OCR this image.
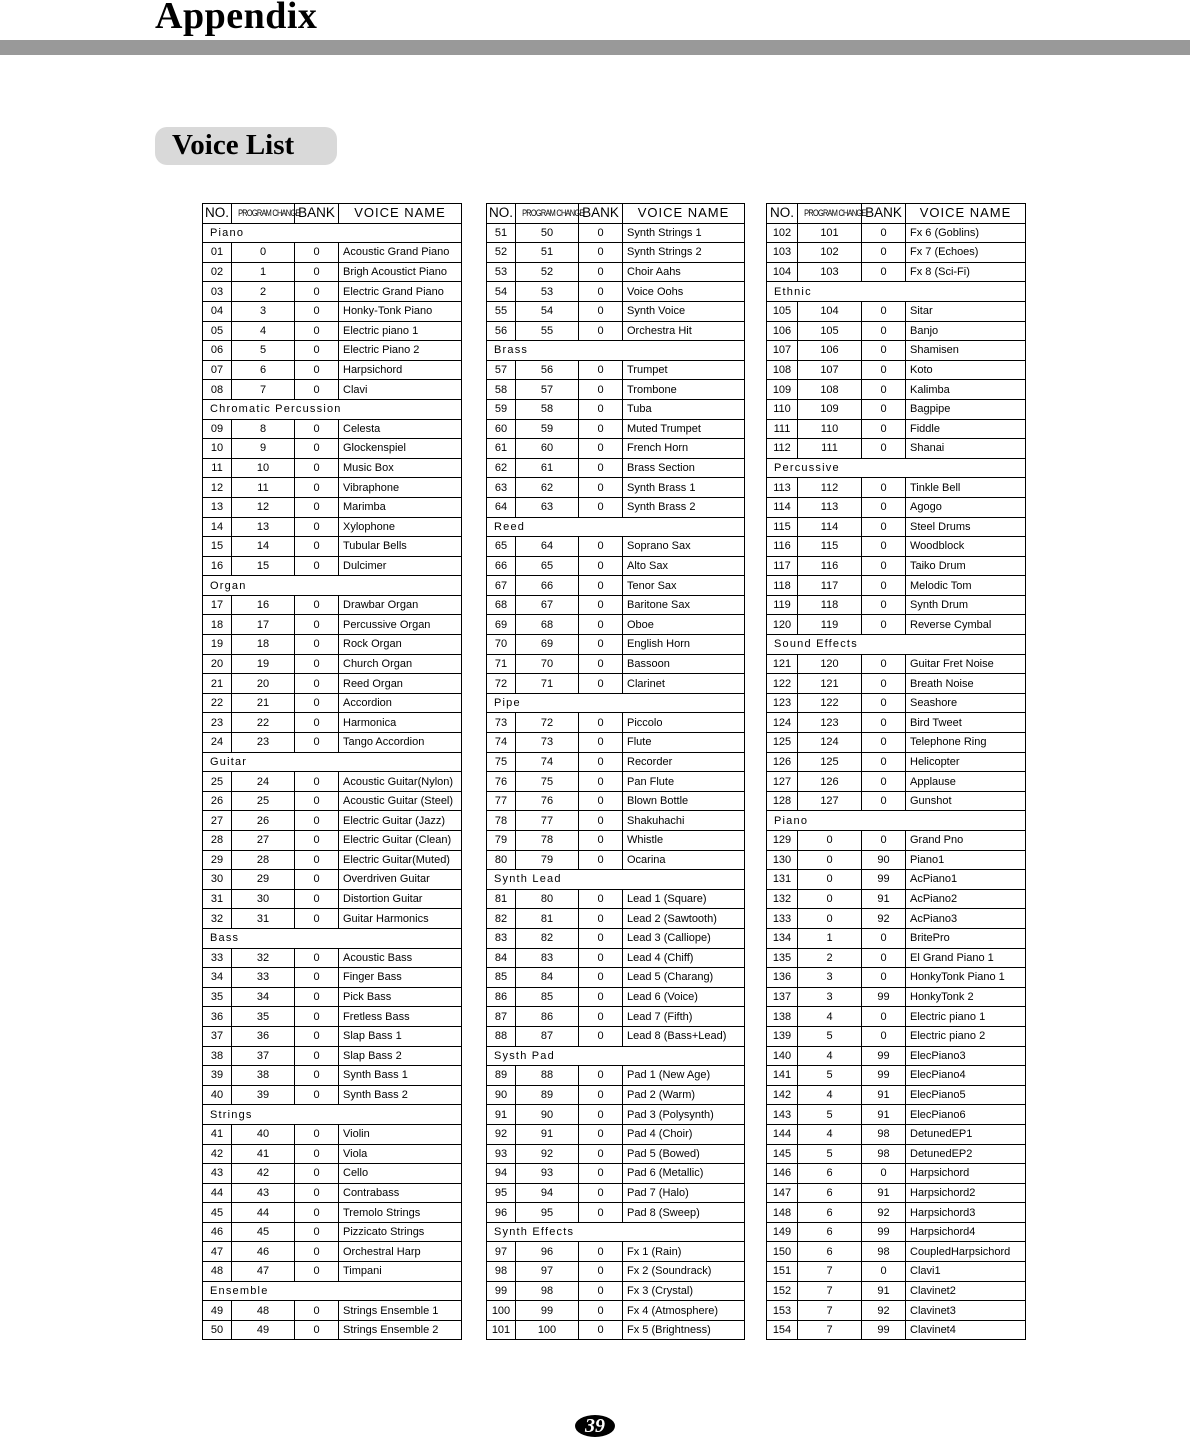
Appendix
Voice List
NO.	PROGRAM CHANGE	BANK	VOICE NAME
Piano			
01	0	0	Acoustic Grand Piano
02	1	0	Brigh Acoustict Piano
03	2	0	Electric Grand Piano
04	3	0	Honky-Tonk Piano
05	4	0	Electric piano 1
06	5	0	Electric Piano 2
07	6	0	Harpsichord
08	7	0	Clavi
Chromatic Percussion			
09	8	0	Celesta
10	9	0	Glockenspiel
11	10	0	Music Box
12	11	0	Vibraphone
13	12	0	Marimba
14	13	0	Xylophone
15	14	0	Tubular Bells
16	15	0	Dulcimer
Organ			
17	16	0	Drawbar Organ
18	17	0	Percussive Organ
19	18	0	Rock Organ
20	19	0	Church Organ
21	20	0	Reed Organ
22	21	0	Accordion
23	22	0	Harmonica
24	23	0	Tango Accordion
Guitar			
25	24	0	Acoustic Guitar(Nylon)
26	25	0	Acoustic Guitar (Steel)
27	26	0	Electric Guitar (Jazz)
28	27	0	Electric Guitar (Clean)
29	28	0	Electric Guitar(Muted)
30	29	0	Overdriven Guitar
31	30	0	Distortion Guitar
32	31	0	Guitar Harmonics
Bass			
33	32	0	Acoustic Bass
34	33	0	Finger Bass
35	34	0	Pick Bass
36	35	0	Fretless Bass
37	36	0	Slap Bass 1
38	37	0	Slap Bass 2
39	38	0	Synth Bass 1
40	39	0	Synth Bass 2
Strings			
41	40	0	Violin
42	41	0	Viola
43	42	0	Cello
44	43	0	Contrabass
45	44	0	Tremolo Strings
46	45	0	Pizzicato Strings
47	46	0	Orchestral Harp
48	47	0	Timpani
Ensemble			
49	48	0	Strings Ensemble 1
50	49	0	Strings Ensemble 2
NO.	PROGRAM CHANGE	BANK	VOICE NAME
51	50	0	Synth Strings 1
52	51	0	Synth Strings 2
53	52	0	Choir Aahs
54	53	0	Voice Oohs
55	54	0	Synth Voice
56	55	0	Orchestra Hit
Brass			
57	56	0	Trumpet
58	57	0	Trombone
59	58	0	Tuba
60	59	0	Muted Trumpet
61	60	0	French Horn
62	61	0	Brass Section
63	62	0	Synth Brass 1
64	63	0	Synth Brass 2
Reed			
65	64	0	Soprano Sax
66	65	0	Alto Sax
67	66	0	Tenor Sax
68	67	0	Baritone Sax
69	68	0	Oboe
70	69	0	English Horn
71	70	0	Bassoon
72	71	0	Clarinet
Pipe			
73	72	0	Piccolo
74	73	0	Flute
75	74	0	Recorder
76	75	0	Pan Flute
77	76	0	Blown Bottle
78	77	0	Shakuhachi
79	78	0	Whistle
80	79	0	Ocarina
Synth Lead			
81	80	0	Lead 1 (Square)
82	81	0	Lead 2 (Sawtooth)
83	82	0	Lead 3 (Calliope)
84	83	0	Lead 4 (Chiff)
85	84	0	Lead 5 (Charang)
86	85	0	Lead 6 (Voice)
87	86	0	Lead 7 (Fifth)
88	87	0	Lead 8 (Bass+Lead)
Systh Pad			
89	88	0	Pad 1 (New Age)
90	89	0	Pad 2 (Warm)
91	90	0	Pad 3 (Polysynth)
92	91	0	Pad 4 (Choir)
93	92	0	Pad 5 (Bowed)
94	93	0	Pad 6 (Metallic)
95	94	0	Pad 7 (Halo)
96	95	0	Pad 8 (Sweep)
Synth Effects			
97	96	0	Fx 1 (Rain)
98	97	0	Fx 2 (Soundrack)
99	98	0	Fx 3 (Crystal)
100	99	0	Fx 4 (Atmosphere)
101	100	0	Fx 5 (Brightness)
NO.	PROGRAM CHANGE	BANK	VOICE NAME
102	101	0	Fx 6 (Goblins)
103	102	0	Fx 7 (Echoes)
104	103	0	Fx 8 (Sci-Fi)
Ethnic			
105	104	0	Sitar
106	105	0	Banjo
107	106	0	Shamisen
108	107	0	Koto
109	108	0	Kalimba
110	109	0	Bagpipe
111	110	0	Fiddle
112	111	0	Shanai
Percussive			
113	112	0	Tinkle Bell
114	113	0	Agogo
115	114	0	Steel Drums
116	115	0	Woodblock
117	116	0	Taiko Drum
118	117	0	Melodic Tom
119	118	0	Synth Drum
120	119	0	Reverse Cymbal
Sound Effects			
121	120	0	Guitar Fret Noise
122	121	0	Breath Noise
123	122	0	Seashore
124	123	0	Bird Tweet
125	124	0	Telephone Ring
126	125	0	Helicopter
127	126	0	Applause
128	127	0	Gunshot
Piano			
129	0	0	Grand Pno
130	0	90	Piano1
131	0	99	AcPiano1
132	0	91	AcPiano2
133	0	92	AcPiano3
134	1	0	BritePro
135	2	0	El Grand Piano 1
136	3	0	HonkyTonk Piano 1
137	3	99	HonkyTonk 2
138	4	0	Electric piano 1
139	5	0	Electric piano 2
140	4	99	ElecPiano3
141	5	99	ElecPiano4
142	4	91	ElecPiano5
143	5	91	ElecPiano6
144	4	98	DetunedEP1
145	5	98	DetunedEP2
146	6	0	Harpsichord
147	6	91	Harpsichord2
148	6	92	Harpsichord3
149	6	99	Harpsichord4
150	6	98	CoupledHarpsichord
151	7	0	Clavi1
152	7	91	Clavinet2
153	7	92	Clavinet3
154	7	99	Clavinet4
39
